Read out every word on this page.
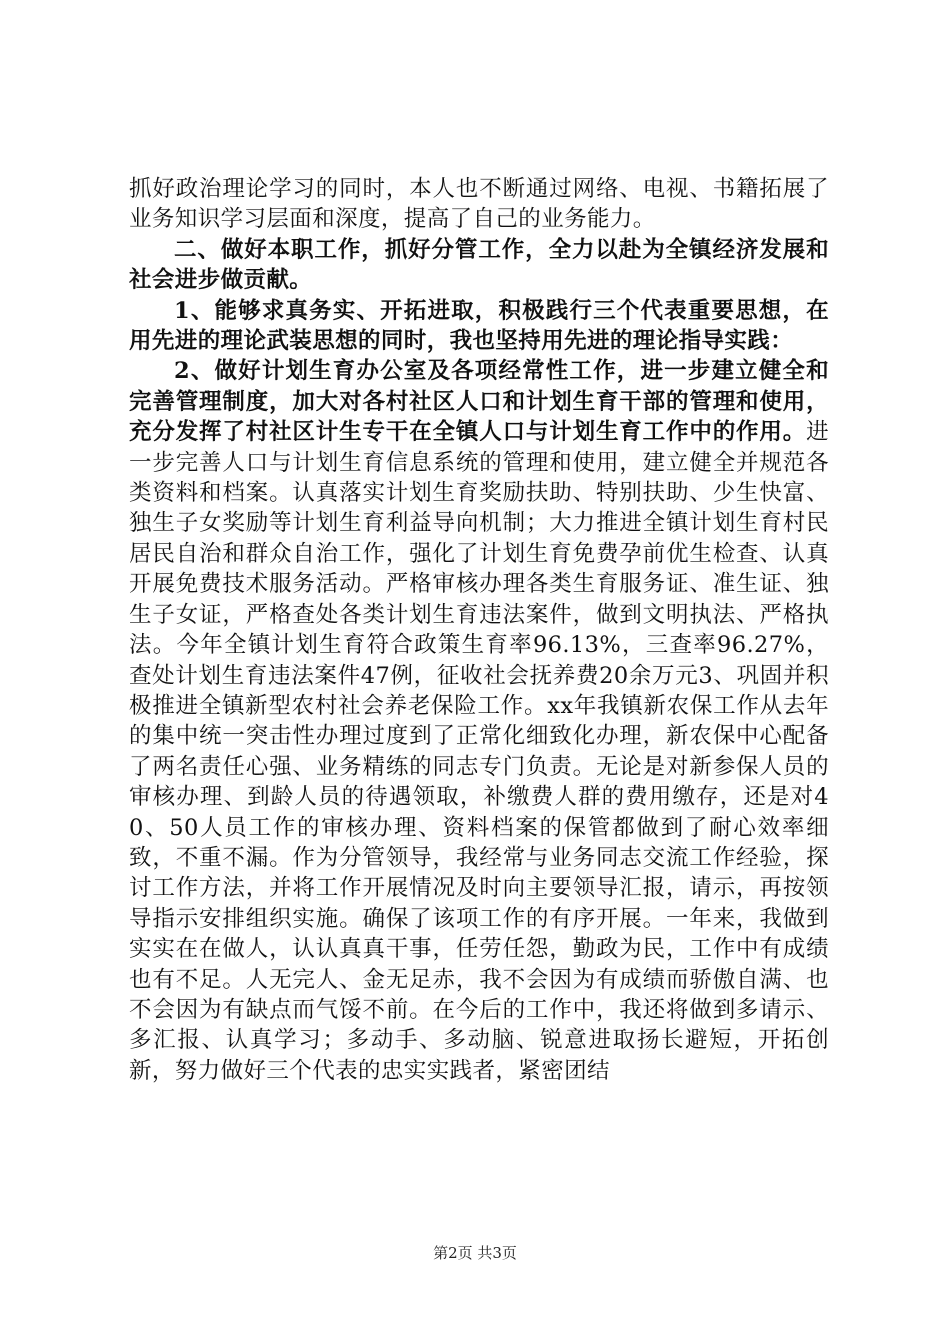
抓好政治理论学习的同时，本人也不断通过网络、电视、书籍拓展了业务知识学习层面和深度，提高了自己的业务能力。

二、做好本职工作，抓好分管工作，全力以赴为全镇经济发展和社会进步做贡献。

1、能够求真务实、开拓进取，积极践行三个代表重要思想，在用先进的理论武装思想的同时，我也坚持用先进的理论指导实践：

2、做好计划生育办公室及各项经常性工作，进一步建立健全和完善管理制度，加大对各村社区人口和计划生育干部的管理和使用，充分发挥了村社区计生专干在全镇人口与计划生育工作中的作用。进一步完善人口与计划生育信息系统的管理和使用，建立健全并规范各类资料和档案。认真落实计划生育奖励扶助、特别扶助、少生快富、独生子女奖励等计划生育利益导向机制；大力推进全镇计划生育村民居民自治和群众自治工作，强化了计划生育免费孕前优生检查、认真开展免费技术服务活动。严格审核办理各类生育服务证、准生证、独生子女证，严格查处各类计划生育违法案件，做到文明执法、严格执法。今年全镇计划生育符合政策生育率96.13%，三查率96.27%，查处计划生育违法案件47例，征收社会抚养费20余万元3、巩固并积极推进全镇新型农村社会养老保险工作。xx年我镇新农保工作从去年的集中统一突击性办理过度到了正常化细致化办理，新农保中心配备了两名责任心强、业务精练的同志专门负责。无论是对新参保人员的审核办理、到龄人员的待遇领取，补缴费人群的费用缴存，还是对40、50人员工作的审核办理、资料档案的保管都做到了耐心效率细致，不重不漏。作为分管领导，我经常与业务同志交流工作经验，探讨工作方法，并将工作开展情况及时向主要领导汇报，请示，再按领导指示安排组织实施。确保了该项工作的有序开展。一年来，我做到实实在在做人，认认真真干事，任劳任怨，勤政为民，工作中有成绩也有不足。人无完人、金无足赤，我不会因为有成绩而骄傲自满、也不会因为有缺点而气馁不前。在今后的工作中，我还将做到多请示、多汇报、认真学习；多动手、多动脑、锐意进取扬长避短，开拓创新，努力做好三个代表的忠实实践者，紧密团结

第2页 共3页
